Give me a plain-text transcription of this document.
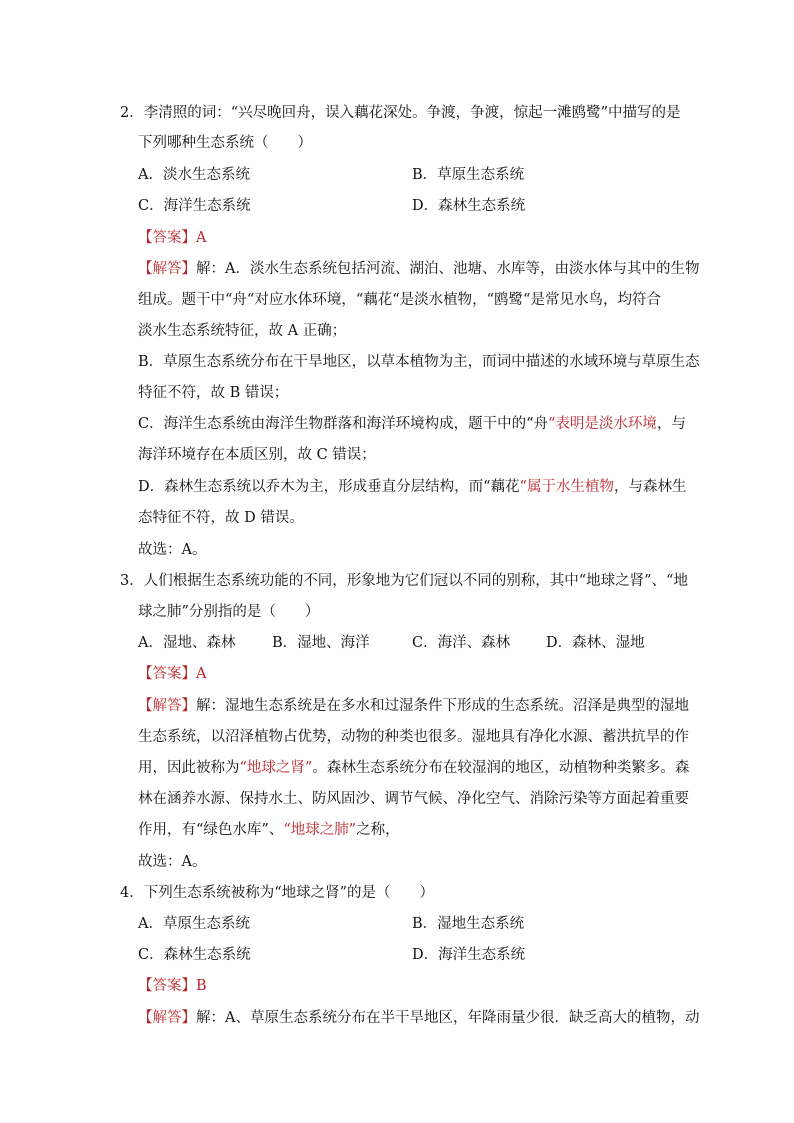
2．李清照的词：“兴尽晚回舟，误入藕花深处。争渡，争渡，惊起一滩鸥鹭”中描写的是
下列哪种生态系统（　　）
A．淡水生态系统	B．草原生态系统
C．海洋生态系统	D．森林生态系统
【答案】A
【解答】解：A．淡水生态系统包括河流、湖泊、池塘、水库等，由淡水体与其中的生物
组成。题干中“舟“对应水体环境，“藕花“是淡水植物，“鸥鹭“是常见水鸟，均符合
淡水生态系统特征，故 A 正确；
B．草原生态系统分布在干旱地区，以草本植物为主，而词中描述的水域环境与草原生态
特征不符，故 B 错误；
C．海洋生态系统由海洋生物群落和海洋环境构成，题干中的“舟“表明是淡水环境，与
海洋环境存在本质区别，故 C 错误；
D．森林生态系统以乔木为主，形成垂直分层结构，而“藕花“属于水生植物，与森林生
态特征不符，故 D 错误。
故选：A。
3．人们根据生态系统功能的不同，形象地为它们冠以不同的别称，其中“地球之肾”、“地
球之肺”分别指的是（　　）
A．湿地、森林	B．湿地、海洋	C．海洋、森林 D．森林、湿地
【答案】A
【解答】解：湿地生态系统是在多水和过湿条件下形成的生态系统。沼泽是典型的湿地
生态系统，以沼泽植物占优势，动物的种类也很多。湿地具有净化水源、蓄洪抗旱的作
用，因此被称为“地球之肾”。森林生态系统分布在较湿润的地区，动植物种类繁多。森
林在涵养水源、保持水土、防风固沙、调节气候、净化空气、消除污染等方面起着重要
作用，有“绿色水库”、“地球之肺”之称，
故选：A。
4．下列生态系统被称为“地球之肾”的是（　　）
A．草原生态系统	B．湿地生态系统
C．森林生态系统	D．海洋生态系统
【答案】B
【解答】解：A、草原生态系统分布在半干旱地区，年降雨量少很．缺乏高大的植物，动
